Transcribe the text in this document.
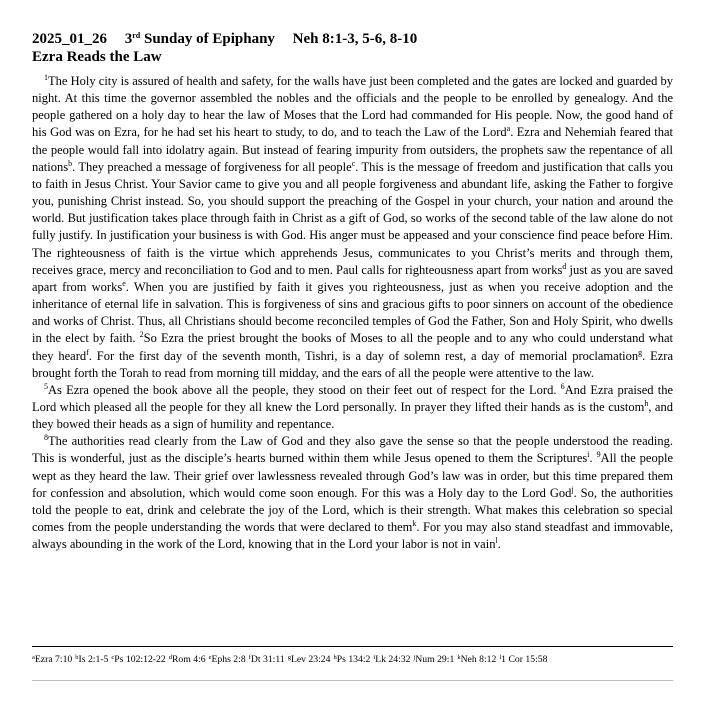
2025_01_26 3rd Sunday of Epiphany Neh 8:1-3, 5-6, 8-10
Ezra Reads the Law

$^1$The Holy city is assured of health and safety, for the walls have just been completed and the gates are locked and guarded by night. At this time the governor assembled the nobles and the officials and the people to be enrolled by genealogy. And the people gathered on a holy day to hear the law of Moses that the Lord had commanded for His people. Now, the good hand of his God was on Ezra, for he had set his heart to study, to do, and to teach the Law of the Lord$^a$. Ezra and Nehemiah feared that the people would fall into idolatry again. But instead of fearing impurity from outsiders, the prophets saw the repentance of all nations$^b$. They preached a message of forgiveness for all people$^c$. This is the message of freedom and justification that calls you to faith in Jesus Christ. Your Savior came to give you and all people forgiveness and abundant life, asking the Father to forgive you, punishing Christ instead. So, you should support the preaching of the Gospel in your church, your nation and around the world. But justification takes place through faith in Christ as a gift of God, so works of the second table of the law alone do not fully justify. In justification your business is with God. His anger must be appeased and your conscience find peace before Him. The righteousness of faith is the virtue which apprehends Jesus, communicates to you Christ’s merits and through them, receives grace, mercy and reconciliation to God and to men. Paul calls for righteousness apart from works$^d$ just as you are saved apart from works$^e$. When you are justified by faith it gives you righteousness, just as when you receive adoption and the inheritance of eternal life in salvation. This is forgiveness of sins and gracious gifts to poor sinners on account of the obedience and works of Christ. Thus, all Christians should become reconciled temples of God the Father, Son and Holy Spirit, who dwells in the elect by faith. $^2$So Ezra the priest brought the books of Moses to all the people and to any who could understand what they heard$^f$. For the first day of the seventh month, Tishri, is a day of solemn rest, a day of memorial proclamation$^g$. Ezra brought forth the Torah to read from morning till midday, and the ears of all the people were attentive to the law.

$^5$As Ezra opened the book above all the people, they stood on their feet out of respect for the Lord. $^6$And Ezra praised the Lord which pleased all the people for they all knew the Lord personally. In prayer they lifted their hands as is the custom$^h$, and they bowed their heads as a sign of humility and repentance.

$^8$The authorities read clearly from the Law of God and they also gave the sense so that the people understood the reading. This is wonderful, just as the disciple’s hearts burned within them while Jesus opened to them the Scriptures$^i$. $^9$All the people wept as they heard the law. Their grief over lawlessness revealed through God’s law was in order, but this time prepared them for confession and absolution, which would come soon enough. For this was a Holy day to the Lord God$^j$. So, the authorities told the people to eat, drink and celebrate the joy of the Lord, which is their strength. What makes this celebration so special comes from the people understanding the words that were declared to them$^k$. For you may also stand steadfast and immovable, always abounding in the work of the Lord, knowing that in the Lord your labor is not in vain$^l$.

$^a$Ezra 7:10 $^b$Is 2:1-5 $^c$Ps 102:12-22 $^d$Rom 4:6 $^e$Ephs 2:8 $^f$Dt 31:11 $^g$Lev 23:24 $^h$Ps 134:2 $^i$Lk 24:32 $^j$Num 29:1 $^k$Neh 8:12 $^l$1 Cor 15:58
